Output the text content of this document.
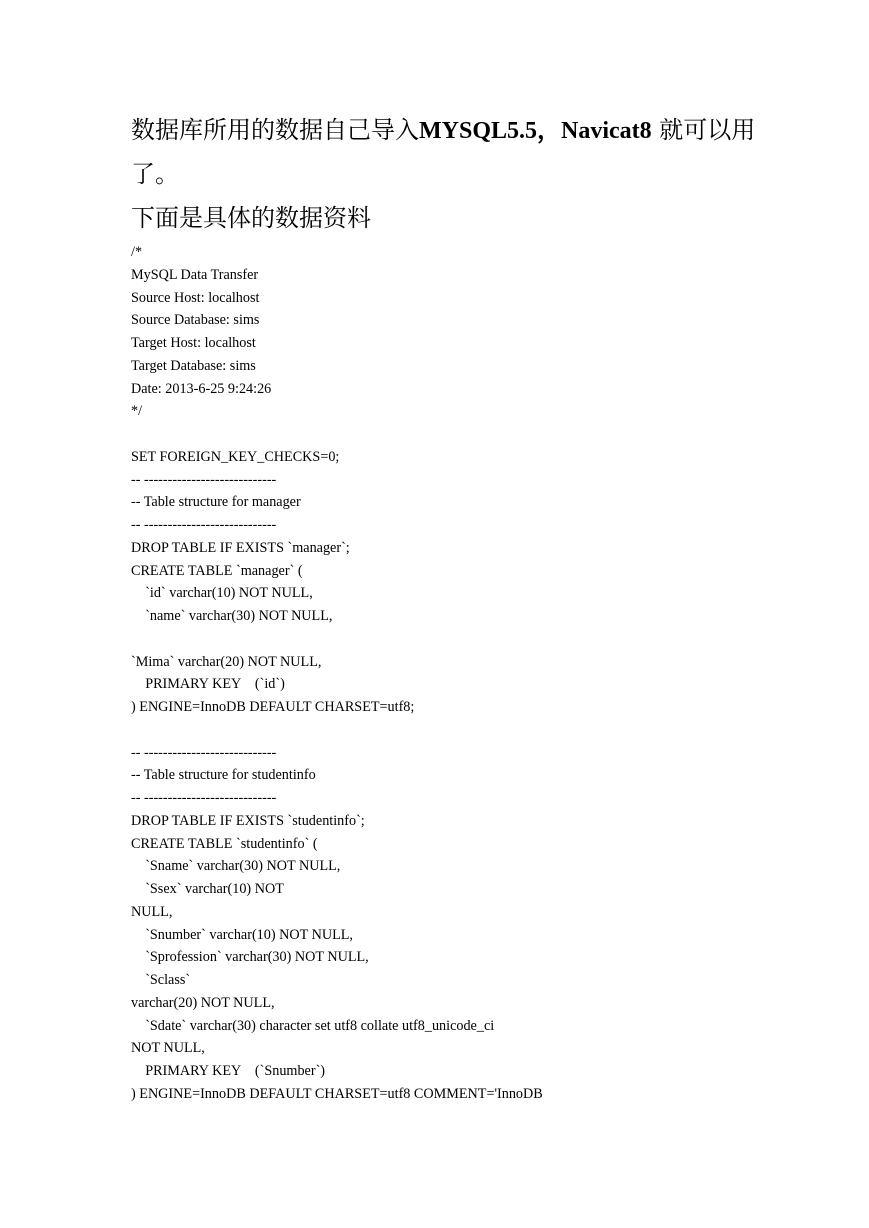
数据库所用的数据自己导入MYSQL5.5，Navicat8 就可以用
了。
下面是具体的数据资料
/*
MySQL Data Transfer
Source Host: localhost
Source Database: sims
Target Host: localhost
Target Database: sims
Date: 2013-6-25 9:24:26
*/
SET FOREIGN_KEY_CHECKS=0;
-- ----------------------------
-- Table structure for manager
-- ----------------------------
DROP TABLE IF EXISTS `manager`;
CREATE TABLE `manager` (
`id` varchar(10) NOT NULL,
`name` varchar(30) NOT NULL,
`Mima` varchar(20) NOT NULL,
PRIMARY KEY    (`id`)
) ENGINE=InnoDB DEFAULT CHARSET=utf8;
-- ----------------------------
-- Table structure for studentinfo
-- ----------------------------
DROP TABLE IF EXISTS `studentinfo`;
CREATE TABLE `studentinfo` (
`Sname` varchar(30) NOT NULL,
`Ssex` varchar(10) NOT
NULL,
`Snumber` varchar(10) NOT NULL,
`Sprofession` varchar(30) NOT NULL,
`Sclass`
varchar(20) NOT NULL,
`Sdate` varchar(30) character set utf8 collate utf8_unicode_ci
NOT NULL,
PRIMARY KEY    (`Snumber`)
) ENGINE=InnoDB DEFAULT CHARSET=utf8 COMMENT='InnoDB
